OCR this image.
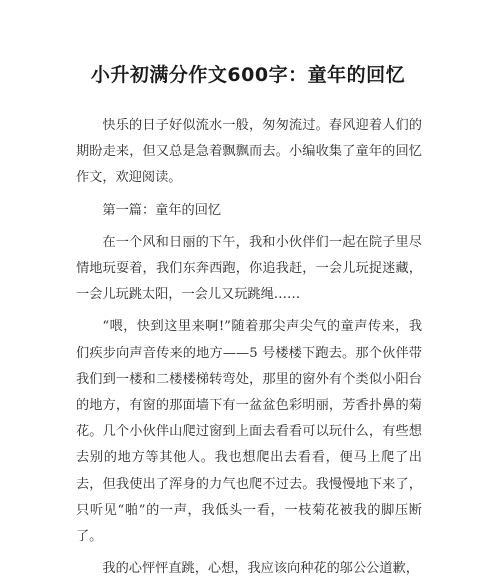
小升初满分作文600字：童年的回忆

快乐的日子好似流水一般，匆匆流过。春风迎着人们的期盼走来，但又总是急着飘飘而去。小编收集了童年的回忆作文，欢迎阅读。

第一篇：童年的回忆

在一个风和日丽的下午，我和小伙伴们一起在院子里尽情地玩耍着，我们东奔西跑，你追我赶，一会儿玩捉迷藏，一会儿玩跳太阳，一会儿又玩跳绳……

“喂，快到这里来啊!”随着那尖声尖气的童声传来，我们疾步向声音传来的地方——5 号楼楼下跑去。那个伙伴带我们到一楼和二楼楼梯转弯处，那里的窗外有个类似小阳台的地方，有窗的那面墙下有一盆盆色彩明丽，芳香扑鼻的菊花。几个小伙伴山爬过窗到上面去看看可以玩什么，有些想去别的地方等其他人。我也想爬出去看看，便马上爬了出去，但我使出了浑身的力气也爬不过去。我慢慢地下来了，只听见“啪”的一声，我低头一看，一枝菊花被我的脚压断了。

我的心怦怦直跳，心想，我应该向种花的邬公公道歉，
